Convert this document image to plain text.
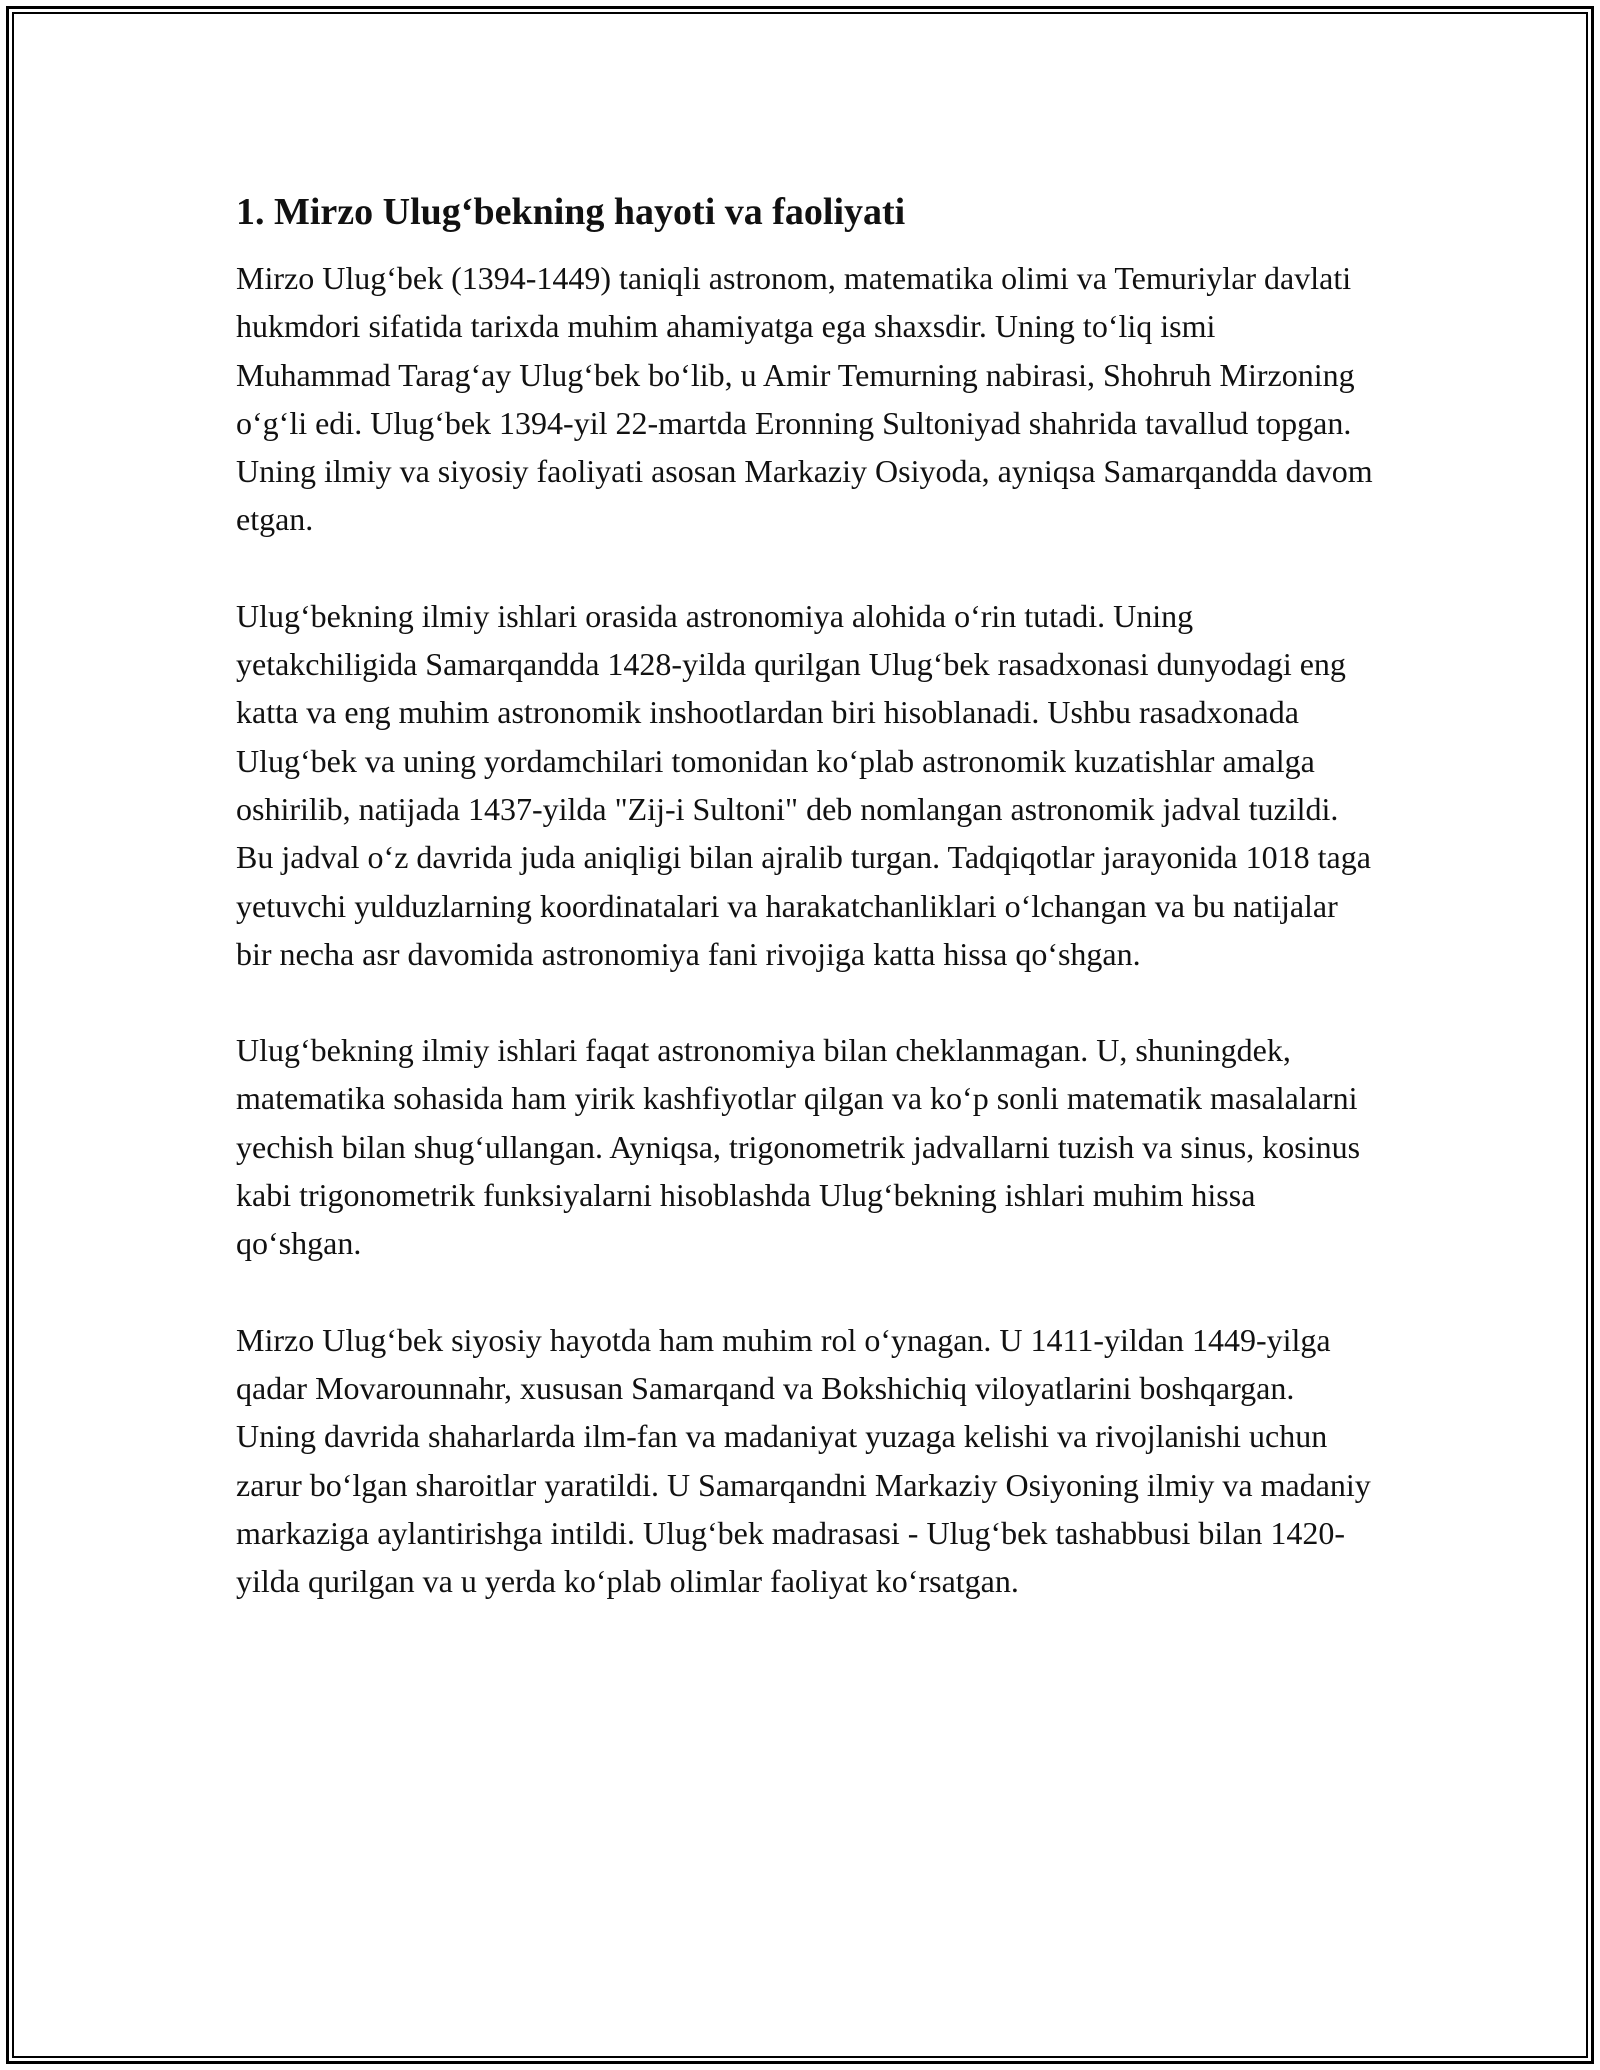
1. Mirzo Ulug‘bekning hayoti va faoliyati

Mirzo Ulug‘bek (1394-1449) taniqli astronom, matematika olimi va Temuriylar davlati hukmdori sifatida tarixda muhim ahamiyatga ega shaxsdir. Uning to‘liq ismi Muhammad Tarag‘ay Ulug‘bek bo‘lib, u Amir Temurning nabirasi, Shohruh Mirzoning o‘g‘li edi. Ulug‘bek 1394-yil 22-martda Eronning Sultoniyad shahrida tavallud topgan. Uning ilmiy va siyosiy faoliyati asosan Markaziy Osiyoda, ayniqsa Samarqandda davom etgan.

Ulug‘bekning ilmiy ishlari orasida astronomiya alohida o‘rin tutadi. Uning yetakchiligida Samarqandda 1428-yilda qurilgan Ulug‘bek rasadxonasi dunyodagi eng katta va eng muhim astronomik inshootlardan biri hisoblanadi. Ushbu rasadxonada Ulug‘bek va uning yordamchilari tomonidan ko‘plab astronomik kuzatishlar amalga oshirilib, natijada 1437-yilda "Zij-i Sultoni" deb nomlangan astronomik jadval tuzildi. Bu jadval o‘z davrida juda aniqligi bilan ajralib turgan. Tadqiqotlar jarayonida 1018 taga yetuvchi yulduzlarning koordinatalari va harakatchanliklari o‘lchangan va bu natijalar bir necha asr davomida astronomiya fani rivojiga katta hissa qo‘shgan.

Ulug‘bekning ilmiy ishlari faqat astronomiya bilan cheklanmagan. U, shuningdek, matematika sohasida ham yirik kashfiyotlar qilgan va ko‘p sonli matematik masalalarni yechish bilan shug‘ullangan. Ayniqsa, trigonometrik jadvallarni tuzish va sinus, kosinus kabi trigonometrik funksiyalarni hisoblashda Ulug‘bekning ishlari muhim hissa qo‘shgan.

Mirzo Ulug‘bek siyosiy hayotda ham muhim rol o‘ynagan. U 1411-yildan 1449-yilga qadar Movarounnahr, xususan Samarqand va Bokshichiq viloyatlarini boshqargan. Uning davrida shaharlarda ilm-fan va madaniyat yuzaga kelishi va rivojlanishi uchun zarur bo‘lgan sharoitlar yaratildi. U Samarqandni Markaziy Osiyoning ilmiy va madaniy markaziga aylantirishga intildi. Ulug‘bek madrasasi - Ulug‘bek tashabbusi bilan 1420-yilda qurilgan va u yerda ko‘plab olimlar faoliyat ko‘rsatgan.
